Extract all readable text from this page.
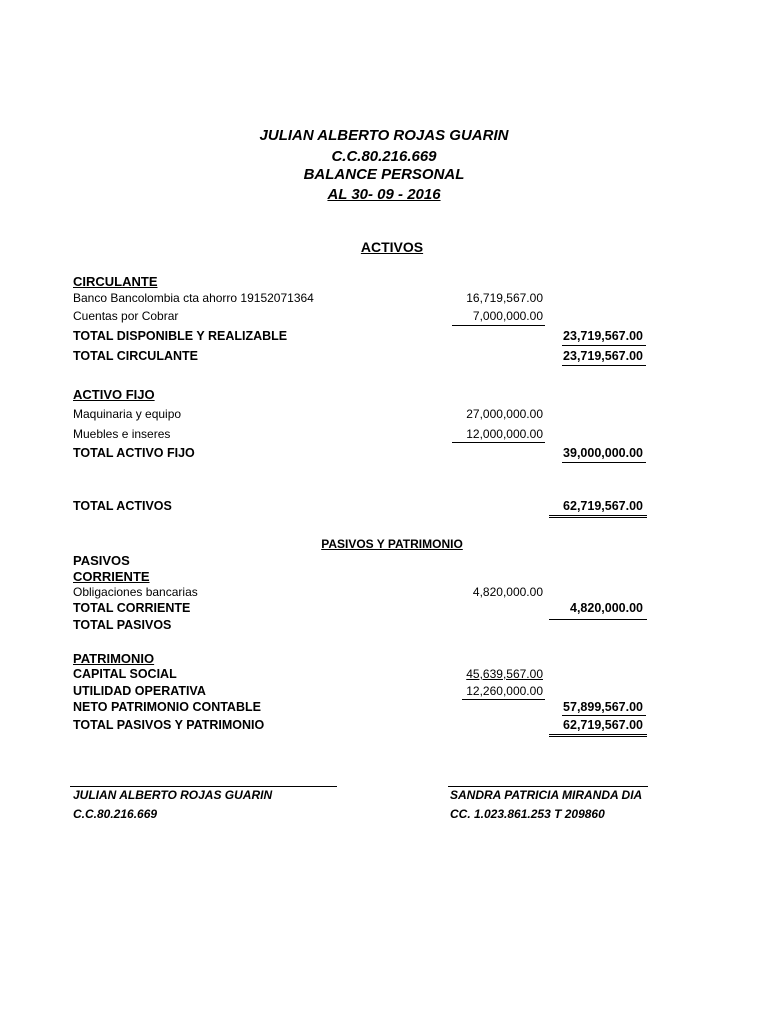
JULIAN ALBERTO ROJAS GUARIN
C.C.80.216.669
BALANCE PERSONAL
AL 30- 09 - 2016
ACTIVOS
CIRCULANTE
Banco Bancolombia cta ahorro 19152071364	16,719,567.00
Cuentas por Cobrar	7,000,000.00
TOTAL DISPONIBLE Y REALIZABLE	23,719,567.00
TOTAL CIRCULANTE	23,719,567.00
ACTIVO FIJO
Maquinaria y equipo	27,000,000.00
Muebles e inseres	12,000,000.00
TOTAL ACTIVO FIJO	39,000,000.00
TOTAL ACTIVOS	62,719,567.00
PASIVOS Y PATRIMONIO
PASIVOS
CORRIENTE
Obligaciones bancarias	4,820,000.00
TOTAL CORRIENTE	4,820,000.00
TOTAL PASIVOS
PATRIMONIO
CAPITAL SOCIAL	45,639,567.00
UTILIDAD OPERATIVA	12,260,000.00
NETO PATRIMONIO CONTABLE	57,899,567.00
TOTAL PASIVOS Y PATRIMONIO	62,719,567.00
JULIAN ALBERTO ROJAS GUARIN
C.C.80.216.669
SANDRA PATRICIA MIRANDA DIA
CC. 1.023.861.253 T 209860
